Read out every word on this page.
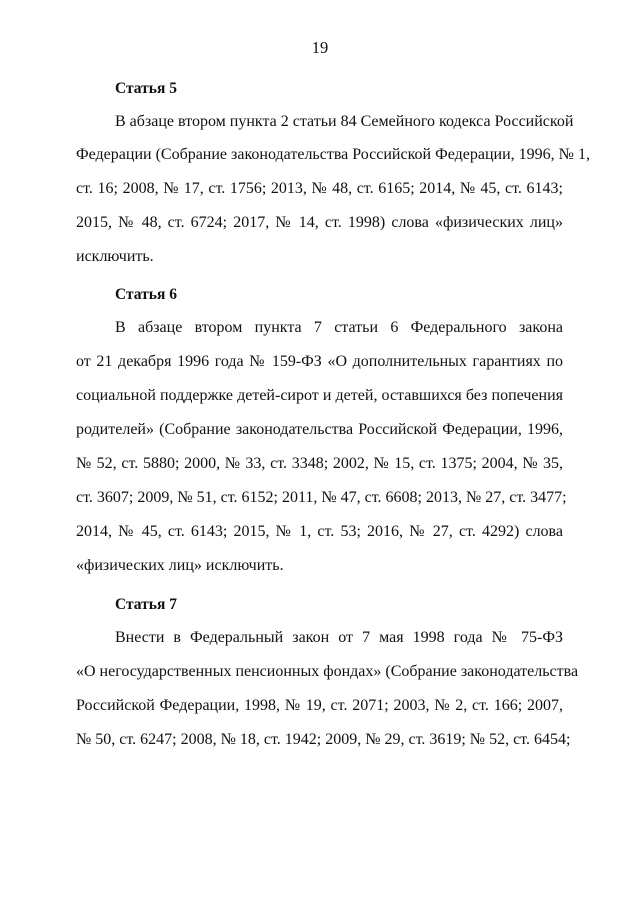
19
Статья 5
В абзаце втором пункта 2 статьи 84 Семейного кодекса Российской
Федерации (Собрание законодательства Российской Федерации, 1996, № 1,
ст. 16; 2008, № 17, ст. 1756; 2013, № 48, ст. 6165; 2014, № 45, ст. 6143;
2015, № 48, ст. 6724; 2017, № 14, ст. 1998) слова «физических лиц»
исключить.
Статья 6
В абзаце втором пункта 7 статьи 6 Федерального закона
от 21 декабря 1996 года № 159-ФЗ «О дополнительных гарантиях по
социальной поддержке детей-сирот и детей, оставшихся без попечения
родителей» (Собрание законодательства Российской Федерации, 1996,
№ 52, ст. 5880; 2000, № 33, ст. 3348; 2002, № 15, ст. 1375; 2004, № 35,
ст. 3607; 2009, № 51, ст. 6152; 2011, № 47, ст. 6608; 2013, № 27, ст. 3477;
2014, № 45, ст. 6143; 2015, № 1, ст. 53; 2016, № 27, ст. 4292) слова
«физических лиц» исключить.
Статья 7
Внести в Федеральный закон от 7 мая 1998 года № 75-ФЗ
«О негосударственных пенсионных фондах» (Собрание законодательства
Российской Федерации, 1998, № 19, ст. 2071; 2003, № 2, ст. 166; 2007,
№ 50, ст. 6247; 2008, № 18, ст. 1942; 2009, № 29, ст. 3619; № 52, ст. 6454;
